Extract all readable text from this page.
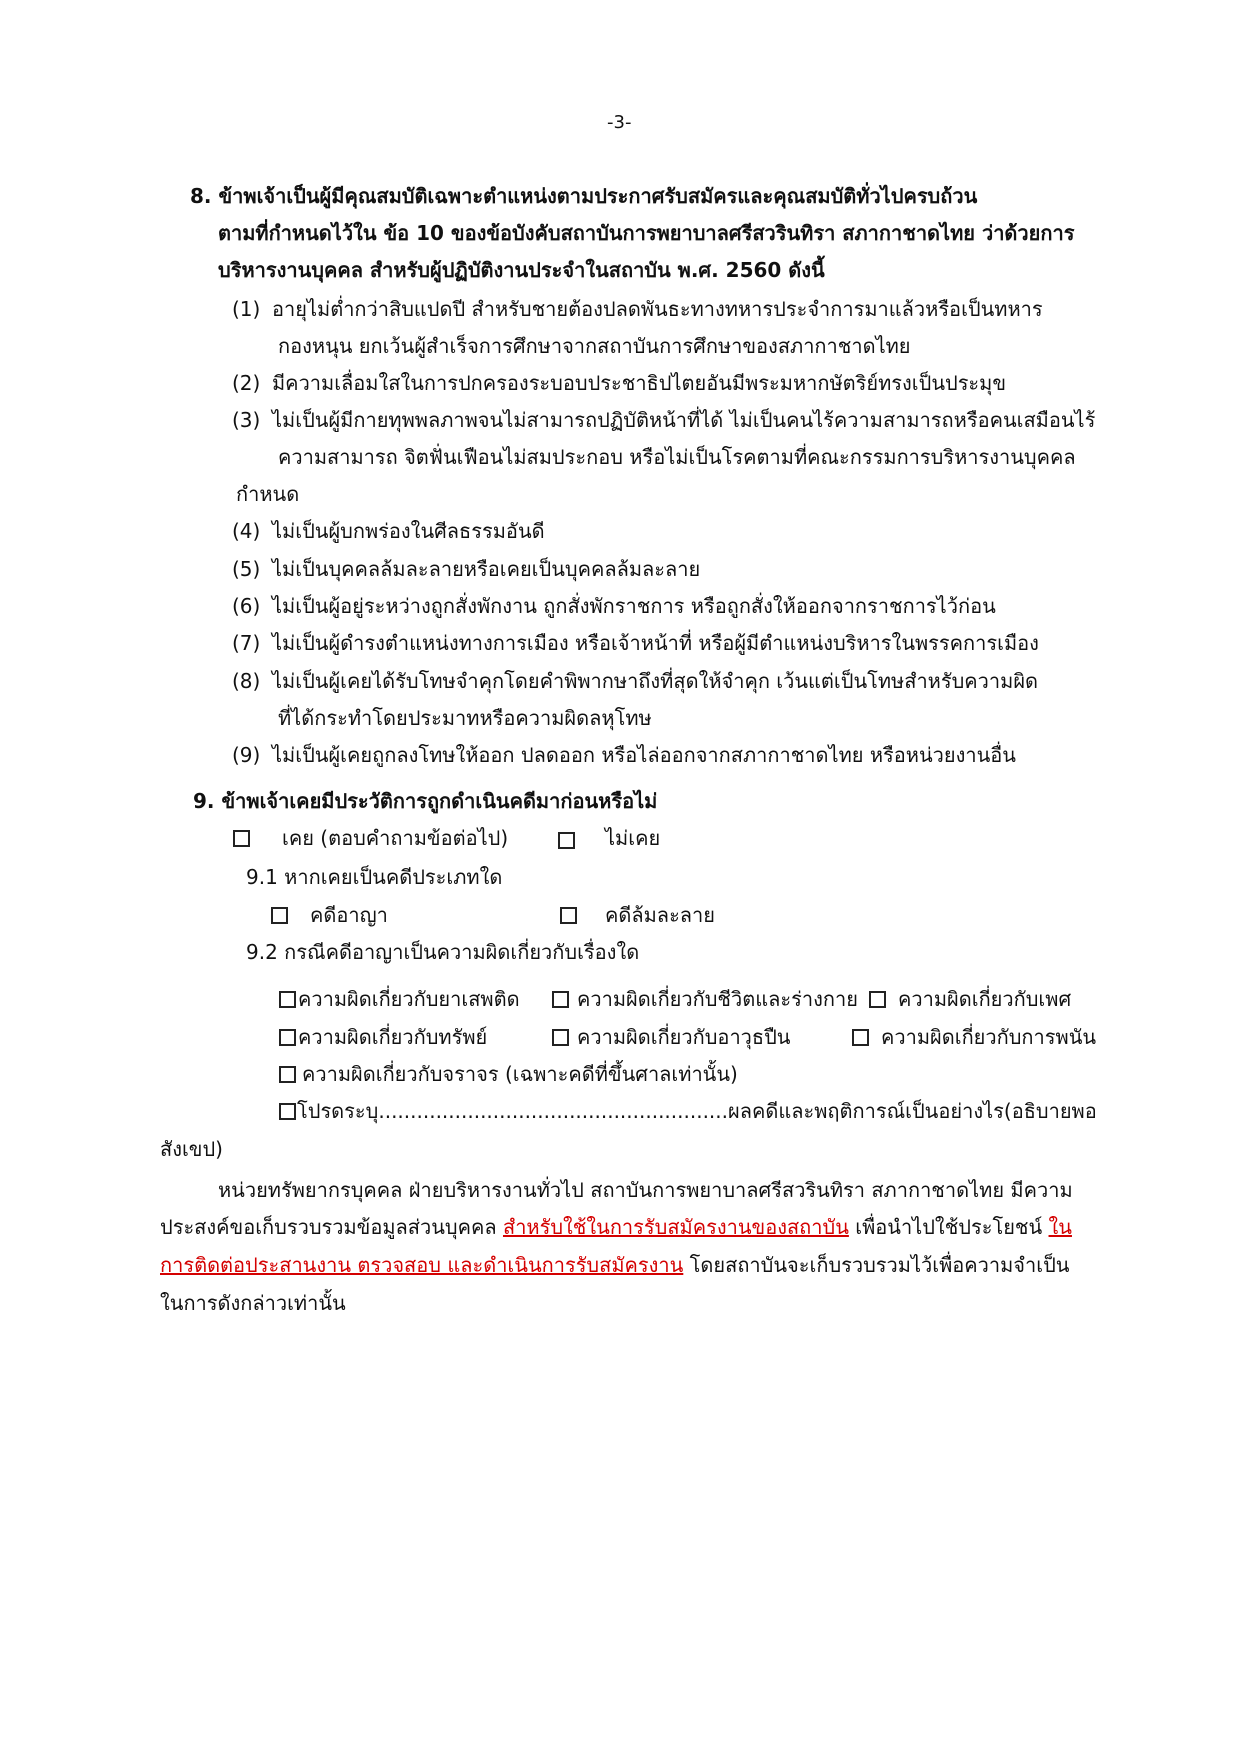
-3-
8. ข้าพเจ้าเป็นผู้มีคุณสมบัติเฉพาะตำแหน่งตามประกาศรับสมัครและคุณสมบัติทั่วไปครบถ้วน
ตามที่กำหนดไว้ใน ข้อ 10 ของข้อบังคับสถาบันการพยาบาลศรีสวรินทิรา สภากาชาดไทย ว่าด้วยการ
บริหารงานบุคคล สำหรับผู้ปฏิบัติงานประจำในสถาบัน พ.ศ. 2560 ดังนี้
(1) อายุไม่ต่ำกว่าสิบแปดปี สำหรับชายต้องปลดพันธะทางทหารประจำการมาแล้วหรือเป็นทหาร
กองหนุน ยกเว้นผู้สำเร็จการศึกษาจากสถาบันการศึกษาของสภากาชาดไทย
(2) มีความเลื่อมใสในการปกครองระบอบประชาธิปไตยอันมีพระมหากษัตริย์ทรงเป็นประมุข
(3) ไม่เป็นผู้มีกายทุพพลภาพจนไม่สามารถปฏิบัติหน้าที่ได้ ไม่เป็นคนไร้ความสามารถหรือคนเสมือนไร้
ความสามารถ จิตฟั่นเฟือนไม่สมประกอบ หรือไม่เป็นโรคตามที่คณะกรรมการบริหารงานบุคคล
กำหนด
(4) ไม่เป็นผู้บกพร่องในศีลธรรมอันดี
(5) ไม่เป็นบุคคลล้มละลายหรือเคยเป็นบุคคลล้มละลาย
(6) ไม่เป็นผู้อยู่ระหว่างถูกสั่งพักงาน ถูกสั่งพักราชการ หรือถูกสั่งให้ออกจากราชการไว้ก่อน
(7) ไม่เป็นผู้ดำรงตำแหน่งทางการเมือง หรือเจ้าหน้าที่ หรือผู้มีตำแหน่งบริหารในพรรคการเมือง
(8) ไม่เป็นผู้เคยได้รับโทษจำคุกโดยคำพิพากษาถึงที่สุดให้จำคุก เว้นแต่เป็นโทษสำหรับความผิด
ที่ได้กระทำโดยประมาทหรือความผิดลหุโทษ
(9) ไม่เป็นผู้เคยถูกลงโทษให้ออก ปลดออก หรือไล่ออกจากสภากาชาดไทย หรือหน่วยงานอื่น
9. ข้าพเจ้าเคยมีประวัติการถูกดำเนินคดีมาก่อนหรือไม่
เคย (ตอบคำถามข้อต่อไป)	ไม่เคย
9.1 หากเคยเป็นคดีประเภทใด
คดีอาญา	คดีล้มละลาย
9.2 กรณีคดีอาญาเป็นความผิดเกี่ยวกับเรื่องใด
ความผิดเกี่ยวกับยาเสพติด	ความผิดเกี่ยวกับชีวิตและร่างกาย ความผิดเกี่ยวกับเพศ
ความผิดเกี่ยวกับทรัพย์	ความผิดเกี่ยวกับอาวุธปืน	ความผิดเกี่ยวกับการพนัน
ความผิดเกี่ยวกับจราจร (เฉพาะคดีที่ขึ้นศาลเท่านั้น)
โปรดระบุ.......................................................ผลคดีและพฤติการณ์เป็นอย่างไร(อธิบายพอ
สังเขป)
หน่วยทรัพยากรบุคคล ฝ่ายบริหารงานทั่วไป สถาบันการพยาบาลศรีสวรินทิรา สภากาชาดไทย มีความ
ประสงค์ขอเก็บรวบรวมข้อมูลส่วนบุคคล สำหรับใช้ในการรับสมัครงานของสถาบัน เพื่อนำไปใช้ประโยชน์ ใน
การติดต่อประสานงาน ตรวจสอบ และดำเนินการรับสมัครงาน โดยสถาบันจะเก็บรวบรวมไว้เพื่อความจำเป็น
ในการดังกล่าวเท่านั้น
